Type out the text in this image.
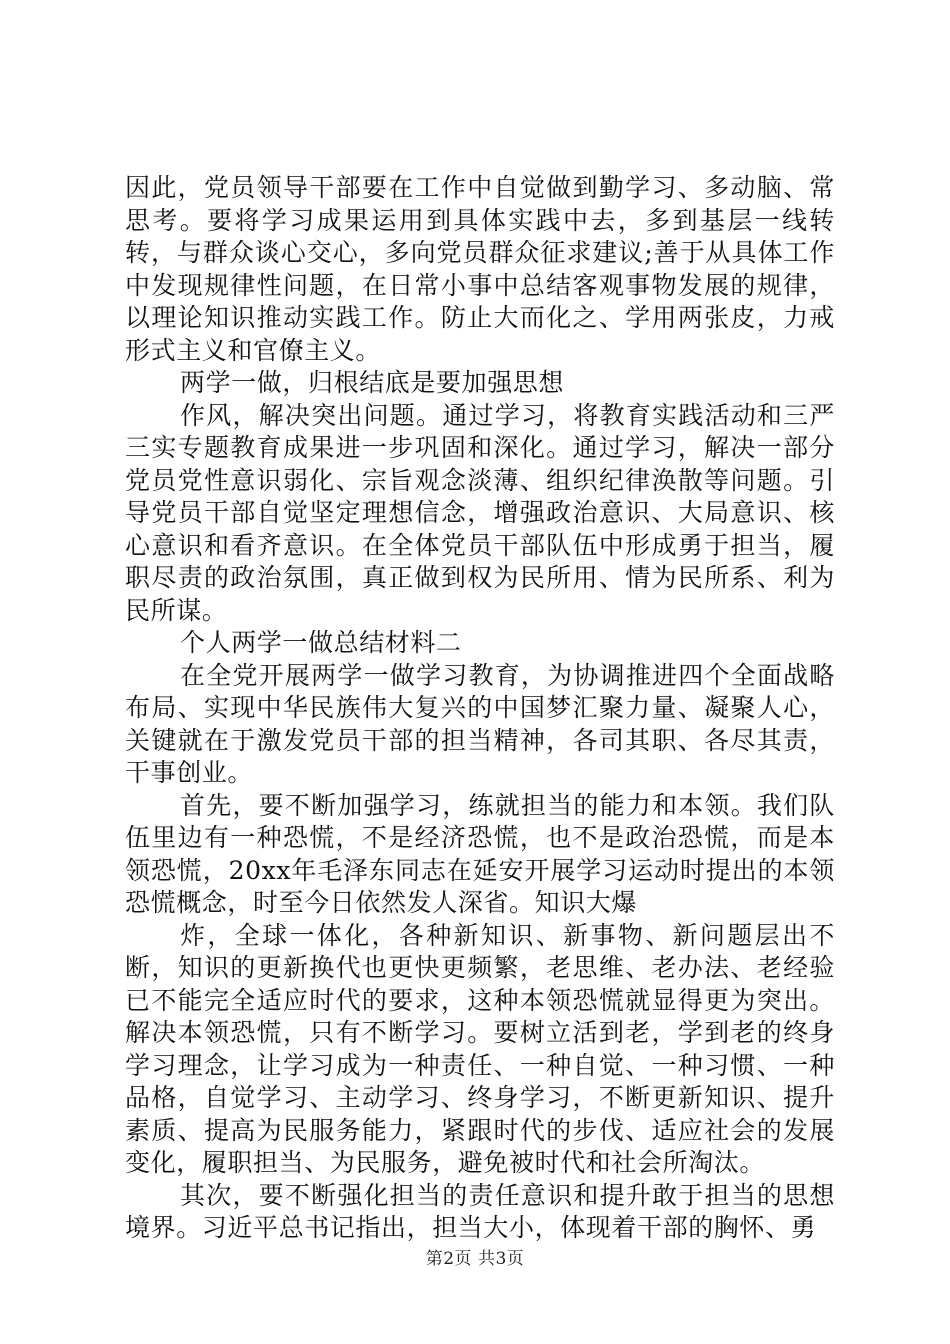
因此，党员领导干部要在工作中自觉做到勤学习、多动脑、常思考。要将学习成果运用到具体实践中去，多到基层一线转转，与群众谈心交心，多向党员群众征求建议;善于从具体工作中发现规律性问题，在日常小事中总结客观事物发展的规律，以理论知识推动实践工作。防止大而化之、学用两张皮，力戒形式主义和官僚主义。

两学一做，归根结底是要加强思想

作风，解决突出问题。通过学习，将教育实践活动和三严三实专题教育成果进一步巩固和深化。通过学习，解决一部分党员党性意识弱化、宗旨观念淡薄、组织纪律涣散等问题。引导党员干部自觉坚定理想信念，增强政治意识、大局意识、核心意识和看齐意识。在全体党员干部队伍中形成勇于担当，履职尽责的政治氛围，真正做到权为民所用、情为民所系、利为民所谋。

个人两学一做总结材料二

在全党开展两学一做学习教育，为协调推进四个全面战略布局、实现中华民族伟大复兴的中国梦汇聚力量、凝聚人心，关键就在于激发党员干部的担当精神，各司其职、各尽其责，干事创业。

首先，要不断加强学习，练就担当的能力和本领。我们队伍里边有一种恐慌，不是经济恐慌，也不是政治恐慌，而是本领恐慌，20xx年毛泽东同志在延安开展学习运动时提出的本领恐慌概念，时至今日依然发人深省。知识大爆

炸，全球一体化，各种新知识、新事物、新问题层出不断，知识的更新换代也更快更频繁，老思维、老办法、老经验已不能完全适应时代的要求，这种本领恐慌就显得更为突出。解决本领恐慌，只有不断学习。要树立活到老，学到老的终身学习理念，让学习成为一种责任、一种自觉、一种习惯、一种品格，自觉学习、主动学习、终身学习，不断更新知识、提升素质、提高为民服务能力，紧跟时代的步伐、适应社会的发展变化，履职担当、为民服务，避免被时代和社会所淘汰。

其次，要不断强化担当的责任意识和提升敢于担当的思想境界。习近平总书记指出，担当大小，体现着干部的胸怀、勇

第2页 共3页
